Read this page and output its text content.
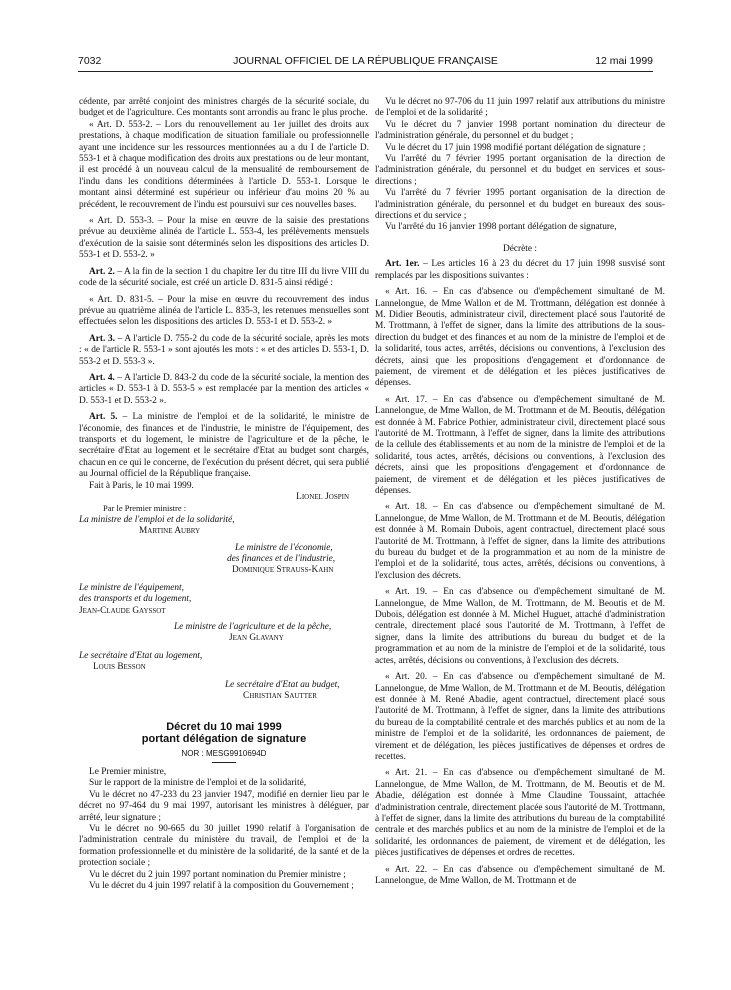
7032	JOURNAL OFFICIEL DE LA RÉPUBLIQUE FRANÇAISE	12 mai 1999

cédente, par arrêté conjoint des ministres chargés de la sécurité sociale, du budget et de l'agriculture. Ces montants sont arrondis au franc le plus proche.

« Art. D. 553-2. – Lors du renouvellement au 1er juillet des droits aux prestations, à chaque modification de situation familiale ou professionnelle ayant une incidence sur les ressources mentionnées au a du I de l'article D. 553-1 et à chaque modification des droits aux prestations ou de leur montant, il est procédé à un nouveau calcul de la mensualité de remboursement de l'indu dans les conditions déterminées à l'article D. 553-1. Lorsque le montant ainsi déterminé est supérieur ou inférieur d'au moins 20 % au précédent, le recouvrement de l'indu est poursuivi sur ces nouvelles bases.

« Art. D. 553-3. – Pour la mise en œuvre de la saisie des prestations prévue au deuxième alinéa de l'article L. 553-4, les prélèvements mensuels d'exécution de la saisie sont déterminés selon les dispositions des articles D. 553-1 et D. 553-2. »

Art. 2. – A la fin de la section 1 du chapitre Ier du titre III du livre VIII du code de la sécurité sociale, est créé un article D. 831-5 ainsi rédigé :

« Art. D. 831-5. – Pour la mise en œuvre du recouvrement des indus prévue au quatrième alinéa de l'article L. 835-3, les retenues mensuelles sont effectuées selon les dispositions des articles D. 553-1 et D. 553-2. »

Art. 3. – A l'article D. 755-2 du code de la sécurité sociale, après les mots : « de l'article R. 553-1 » sont ajoutés les mots : « et des articles D. 553-1, D. 553-2 et D. 553-3 ».

Art. 4. – A l'article D. 843-2 du code de la sécurité sociale, la mention des articles « D. 553-1 à D. 553-5 » est remplacée par la mention des articles « D. 553-1 et D. 553-2 ».

Art. 5. – La ministre de l'emploi et de la solidarité, le ministre de l'économie, des finances et de l'industrie, le ministre de l'équipement, des transports et du logement, le ministre de l'agriculture et de la pêche, le secrétaire d'Etat au logement et le secrétaire d'Etat au budget sont chargés, chacun en ce qui le concerne, de l'exécution du présent décret, qui sera publié au Journal officiel de la République française.

Fait à Paris, le 10 mai 1999.

Lionel Jospin
Par le Premier ministre :
La ministre de l'emploi et de la solidarité,
Martine Aubry
Le ministre de l'économie,
des finances et de l'industrie,
Dominique Strauss-Kahn
Le ministre de l'équipement,
des transports et du logement,
Jean-Claude Gayssot
Le ministre de l'agriculture et de la pêche,
Jean Glavany
Le secrétaire d'Etat au logement,
Louis Besson
Le secrétaire d'Etat au budget,
Christian Sautter
Décret du 10 mai 1999
portant délégation de signature
NOR : MESG9910694D

Le Premier ministre,

Sur le rapport de la ministre de l'emploi et de la solidarité,

Vu le décret no 47-233 du 23 janvier 1947, modifié en dernier lieu par le décret no 97-464 du 9 mai 1997, autorisant les ministres à déléguer, par arrêté, leur signature ;

Vu le décret no 90-665 du 30 juillet 1990 relatif à l'organisation de l'administration centrale du ministère du travail, de l'emploi et de la formation professionnelle et du ministère de la solidarité, de la santé et de la protection sociale ;

Vu le décret du 2 juin 1997 portant nomination du Premier ministre ;

Vu le décret du 4 juin 1997 relatif à la composition du Gouvernement ;

Vu le décret no 97-706 du 11 juin 1997 relatif aux attributions du ministre de l'emploi et de la solidarité ;

Vu le décret du 7 janvier 1998 portant nomination du directeur de l'administration générale, du personnel et du budget ;

Vu le décret du 17 juin 1998 modifié portant délégation de signature ;

Vu l'arrêté du 7 février 1995 portant organisation de la direction de l'administration générale, du personnel et du budget en services et sous-directions ;

Vu l'arrêté du 7 février 1995 portant organisation de la direction de l'administration générale, du personnel et du budget en bureaux des sous-directions et du service ;

Vu l'arrêté du 16 janvier 1998 portant délégation de signature,

Décrète :

Art. 1er. – Les articles 16 à 23 du décret du 17 juin 1998 susvisé sont remplacés par les dispositions suivantes :

« Art. 16. – En cas d'absence ou d'empêchement simultané de M. Lannelongue, de Mme Wallon et de M. Trottmann, délégation est donnée à M. Didier Beoutis, administrateur civil, directement placé sous l'autorité de M. Trottmann, à l'effet de signer, dans la limite des attributions de la sous-direction du budget et des finances et au nom de la ministre de l'emploi et de la solidarité, tous actes, arrêtés, décisions ou conventions, à l'exclusion des décrets, ainsi que les propositions d'engagement et d'ordonnance de paiement, de virement et de délégation et les pièces justificatives de dépenses.

« Art. 17. – En cas d'absence ou d'empêchement simultané de M. Lannelongue, de Mme Wallon, de M. Trottmann et de M. Beoutis, délégation est donnée à M. Fabrice Pothier, administrateur civil, directement placé sous l'autorité de M. Trottmann, à l'effet de signer, dans la limite des attributions de la cellule des établissements et au nom de la ministre de l'emploi et de la solidarité, tous actes, arrêtés, décisions ou conventions, à l'exclusion des décrets, ainsi que les propositions d'engagement et d'ordonnance de paiement, de virement et de délégation et les pièces justificatives de dépenses.

« Art. 18. – En cas d'absence ou d'empêchement simultané de M. Lannelongue, de Mme Wallon, de M. Trottmann et de M. Beoutis, délégation est donnée à M. Romain Dubois, agent contractuel, directement placé sous l'autorité de M. Trottmann, à l'effet de signer, dans la limite des attributions du bureau du budget et de la programmation et au nom de la ministre de l'emploi et de la solidarité, tous actes, arrêtés, décisions ou conventions, à l'exclusion des décrets.

« Art. 19. – En cas d'absence ou d'empêchement simultané de M. Lannelongue, de Mme Wallon, de M. Trottmann, de M. Beoutis et de M. Dubois, délégation est donnée à M. Michel Huguet, attaché d'administration centrale, directement placé sous l'autorité de M. Trottmann, à l'effet de signer, dans la limite des attributions du bureau du budget et de la programmation et au nom de la ministre de l'emploi et de la solidarité, tous actes, arrêtés, décisions ou conventions, à l'exclusion des décrets.

« Art. 20. – En cas d'absence ou d'empêchement simultané de M. Lannelongue, de Mme Wallon, de M. Trottmann et de M. Beoutis, délégation est donnée à M. René Abadie, agent contractuel, directement placé sous l'autorité de M. Trottmann, à l'effet de signer, dans la limite des attributions du bureau de la comptabilité centrale et des marchés publics et au nom de la ministre de l'emploi et de la solidarité, les ordonnances de paiement, de virement et de délégation, les pièces justificatives de dépenses et ordres de recettes.

« Art. 21. – En cas d'absence ou d'empêchement simultané de M. Lannelongue, de Mme Wallon, de M. Trottmann, de M. Beoutis et de M. Abadie, délégation est donnée à Mme Claudine Toussaint, attachée d'administration centrale, directement placée sous l'autorité de M. Trottmann, à l'effet de signer, dans la limite des attributions du bureau de la comptabilité centrale et des marchés publics et au nom de la ministre de l'emploi et de la solidarité, les ordonnances de paiement, de virement et de délégation, les pièces justificatives de dépenses et ordres de recettes.

« Art. 22. – En cas d'absence ou d'empêchement simultané de M. Lannelongue, de Mme Wallon, de M. Trottmann et de
